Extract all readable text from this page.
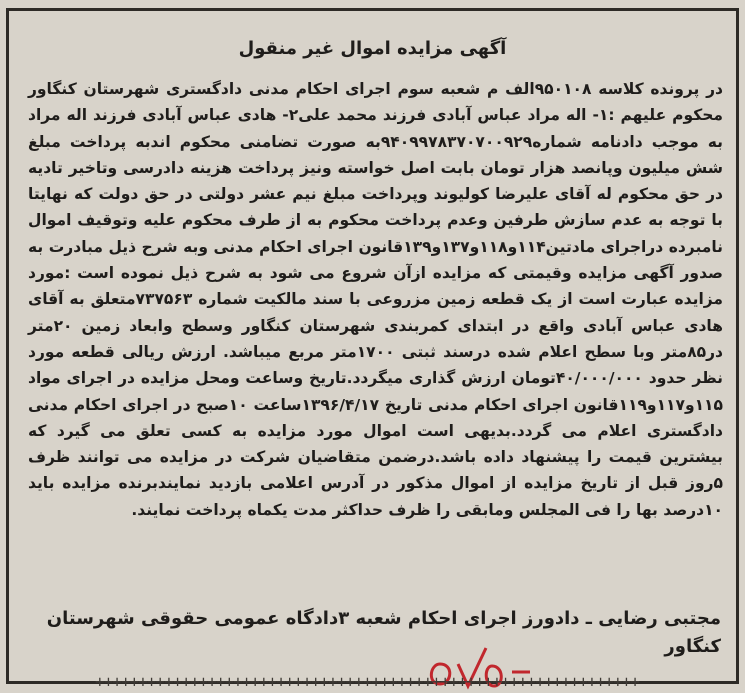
آگهی مزایده اموال غیر منقول
در پرونده کلاسه ۹۵۰۱۰۸الف م شعبه سوم اجرای احکام مدنی دادگستری شهرستان کنگاور محکوم علیهم :۱- اله مراد عباس آبادی فرزند محمد علی۲- هادی عباس آبادی فرزند اله مراد به موجب دادنامه شماره۹۴۰۹۹۷۸۳۷۰۷۰۰۹۲۹به صورت تضامنی محکوم اندبه پرداخت مبلغ شش میلیون وپانصد هزار تومان بابت اصل خواسته ونیز پرداخت هزینه دادرسی وتاخیر تادیه در حق محکوم له آقای علیرضا کولیوند وپرداخت مبلغ نیم عشر دولتی در حق دولت که نهایتا با توجه به عدم سازش طرفین وعدم پرداخت محکوم به از طرف محکوم علیه وتوقیف اموال نامبرده دراجرای مادتین۱۱۴و۱۱۸و۱۳۷و۱۳۹قانون اجرای احکام مدنی وبه شرح ذیل مبادرت به صدور آگهی مزایده وقیمتی که مزایده ازآن شروع می شود به شرح ذیل نموده است :مورد مزایده عبارت است از یک قطعه زمین مزروعی با سند مالکیت شماره ۷۳۷۵۶۳متعلق به آقای هادی عباس آبادی واقع در ابتدای کمربندی شهرستان کنگاور وسطح وابعاد زمین ۲۰متر در۸۵متر وبا سطح اعلام شده درسند ثبتی ۱۷۰۰متر مربع میباشد. ارزش ریالی قطعه مورد نظر حدود ۴۰/۰۰۰/۰۰۰تومان ارزش گذاری میگردد.تاریخ وساعت ومحل مزایده در اجرای مواد ۱۱۵و۱۱۷و۱۱۹قانون اجرای احکام مدنی تاریخ ۱۳۹۶/۴/۱۷ساعت ۱۰صبح در اجرای احکام مدنی دادگستری اعلام می گردد.بدیهی است اموال مورد مزایده به کسی تعلق می گیرد که بیشترین قیمت را پیشنهاد داده باشد.درضمن متقاضیان شرکت در مزایده می توانند ظرف ۵روز قبل از تاریخ مزایده از اموال مذکور در آدرس اعلامی بازدید نمایندبرنده مزایده باید ۱۰درصد بها را فی المجلس ومابقی را ظرف حداکثر مدت یکماه پرداخت نمایند.
مجتبی رضایی ـ دادورز اجرای احکام شعبه ۳دادگاه عمومی حقوقی شهرستان
کنگاور
+++++++++++++++++++++++++++++++++++++++++++++++++++++++++++++++
